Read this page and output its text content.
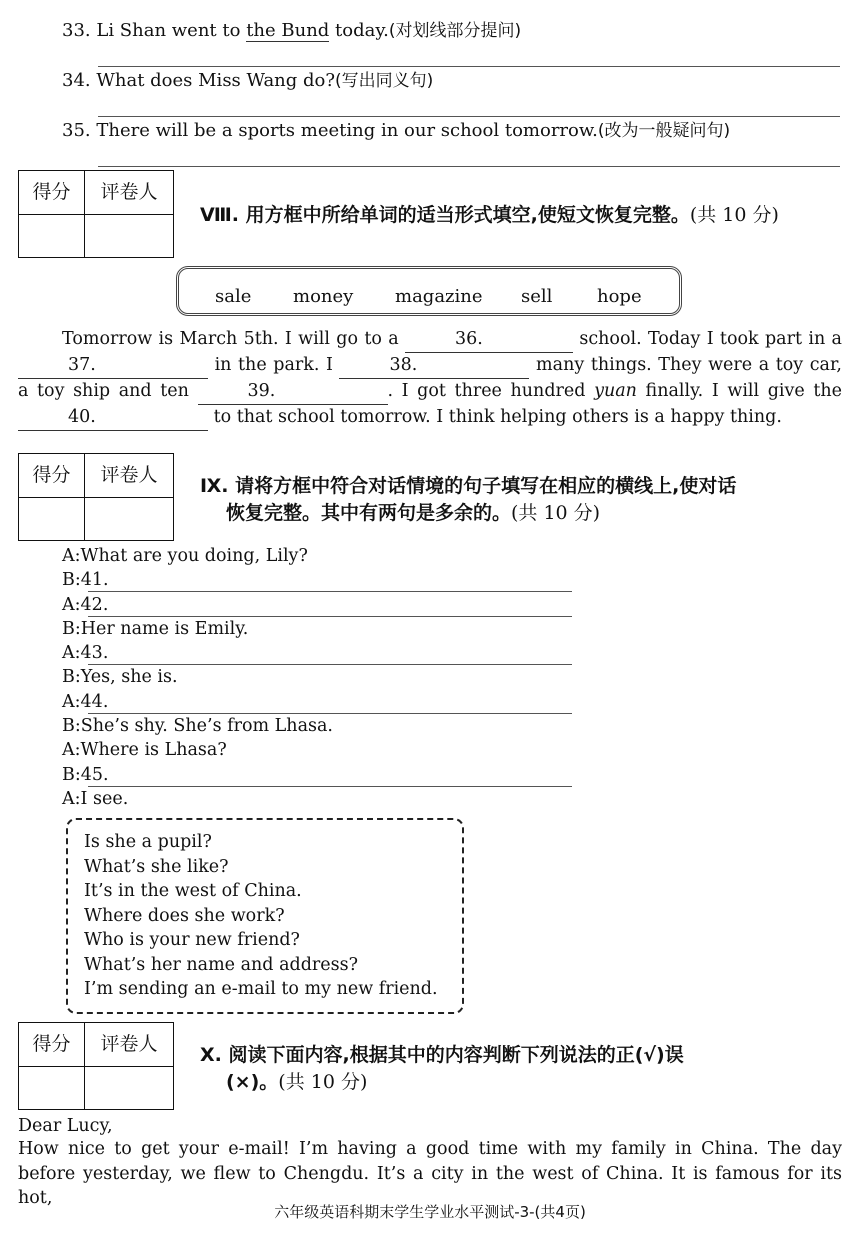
33. Li Shan went to the Bund today.(对划线部分提问)
34. What does Miss Wang do?(写出同义句)
35. There will be a sports meeting in our school tomorrow.(改为一般疑问句)
得分	评卷人
Ⅷ. 用方框中所给单词的适当形式填空,使短文恢复完整。(共 10 分)
sale money magazine sell hope
Tomorrow is March 5th. I will go to a	36.	school. Today I took part in a 37.	in the park. I	38.	many things. They were a toy car, a toy ship and ten	39.	. I got three hundred yuan finally. I will give the 40.	to that school tomorrow. I think helping others is a happy thing.
得分	评卷人	Ⅸ. 请将方框中符合对话情境的句子填写在相应的横线上,使对话
恢复完整。其中有两句是多余的。(共 10 分)
A:What are you doing, Lily?
B:41.
A:42.
B:Her name is Emily.
A:43.
B:Yes, she is.
A:44.
B:She’s shy. She’s from Lhasa.
A:Where is Lhasa?
B:45.
A:I see.
Is she a pupil?
What’s she like?
It’s in the west of China.
Where does she work?
Who is your new friend?
What’s her name and address?
I’m sending an e-mail to my new friend.
得分	评卷人	Ⅹ. 阅读下面内容,根据其中的内容判断下列说法的正(√)误
(×)。(共 10 分)
Dear Lucy,
How nice to get your e-mail! I’m having a good time with my family in China. The day before yesterday, we flew to Chengdu. It’s a city in the west of China. It is famous for its hot,
六年级英语科期末学生学业水平测试-3-(共4页)
